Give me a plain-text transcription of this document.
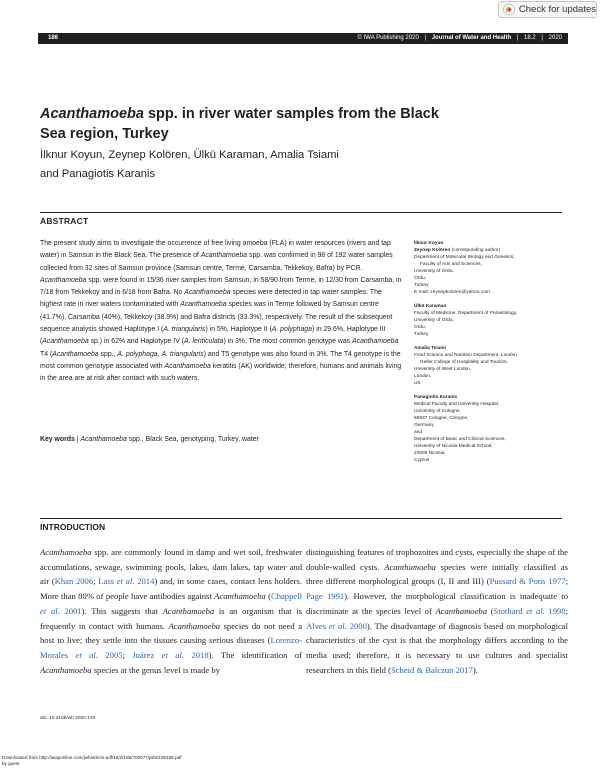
Check for updates
186	© IWA Publishing 2020 | Journal of Water and Health | 18.2 | 2020
Acanthamoeba spp. in river water samples from the Black Sea region, Turkey
İlknur Koyun, Zeynep Kolören, Ülkü Karaman, Amalia Tsiami
and Panagiotis Karanis
ABSTRACT
The present study aims to investigate the occurrence of free living amoeba (FLA) in water resources (rivers and tap water) in Samsun in the Black Sea. The presence of Acanthamoeba spp. was confirmed in 98 of 192 water samples collected from 32 sites of Samsun province (Samsun centre, Terme, Carsamba, Tekkekoy, Bafra) by PCR. Acanthamoeba spp. were found in 15/36 river samples from Samsun, in 58/90 from Terme, in 12/30 from Carsamba, in 7/18 from Tekkekoy and in 6/18 from Bafra. No Acanthamoeba species were detected in tap water samples. The highest rate in river waters contaminated with Acanthamoeba species was in Terme followed by Samsun centre (41.7%), Carsamba (40%), Tekkekoy (38.9%) and Bafra districts (33.3%), respectively. The result of the subsequent sequence analysis showed Haplotype I (A. triangularis) in 5%, Haplotype II (A. polyphaga) in 29.6%, Haplotype III (Acanthamoeba sp.) in 62% and Haplotype IV (A. lenticulata) in 3%. The most common genotype was Acanthamoeba T4 (Acanthamoeba spp., A. polyphaga, A. triangularis) and T5 genotype was also found in 3%. The T4 genotype is the most common genotype associated with Acanthamoeba keratitis (AK) worldwide; therefore, humans and animals living in the area are at risk after contact with such waters.
Key words | Acanthamoeba spp., Black Sea, genotyping, Turkey, water
İlknur Koyun
Zeynep Kolören (corresponding author)
Department of Molecular Biology and Genetics,
Faculty of Arts and Sciences,
University of Ordu,
Ordu,
Turkey
E-mail: zeynepkoloren@yahoo.com
Ülkü Karaman
Faculty of Medicine, Department of Parasitology,
University of Ordu,
Ordu,
Turkey
Amalia Tsiami
Food Science and Nutrition Department, London
Geller College of Hospitality and Tourism,
University of West London,
London,
UK
Panagiotis Karanis
Medical Faculty and University Hospital,
University of Cologne,
50937 Cologne, Cologne,
Germany
and
Department of Basic and Clinical Sciences,
University of Nicosia Medical School,
24005 Nicosia,
Cyprus
INTRODUCTION
Acanthamoeba spp. are commonly found in damp and wet soil, freshwater accumulations, sewage, swimming pools, lakes, dam lakes, tap water and air (Khan 2006; Lass et al. 2014) and, in some cases, contact lens holders. More than 80% of people have antibodies against Acanthamoeba (Chappell et al. 2001). This suggests that Acanthamoeba is an organism that is frequently in contact with humans. Acanthamoeba species do not need a host to live; they settle into the tissues causing serious diseases (Lorenzo-Morales et al. 2005; Juárez et al. 2018). The identification of Acanthamoeba species at the genus level is made by
distinguishing features of trophozoites and cysts, especially the shape of the double-walled cysts. Acanthamoeba species were initially classified as three different morphological groups (I, II and III) (Pussard & Pons 1977; Page 1991). However, the morphological classification is inadequate to discriminate at the species level of Acanthamoeba (Stothard et al. 1998; Alves et al. 2000). The disadvantage of diagnosis based on morphological characteristics of the cyst is that the morphology differs according to the media used; therefore, it is necessary to use cultures and specialist researchers in this field (Scheid & Balczun 2017).
doi: 10.2166/wh.2020.170
Downloaded from http://iwaponline.com/jwh/article-pdf/18/2/186/700077/jwh0180186.pdf
by guest
